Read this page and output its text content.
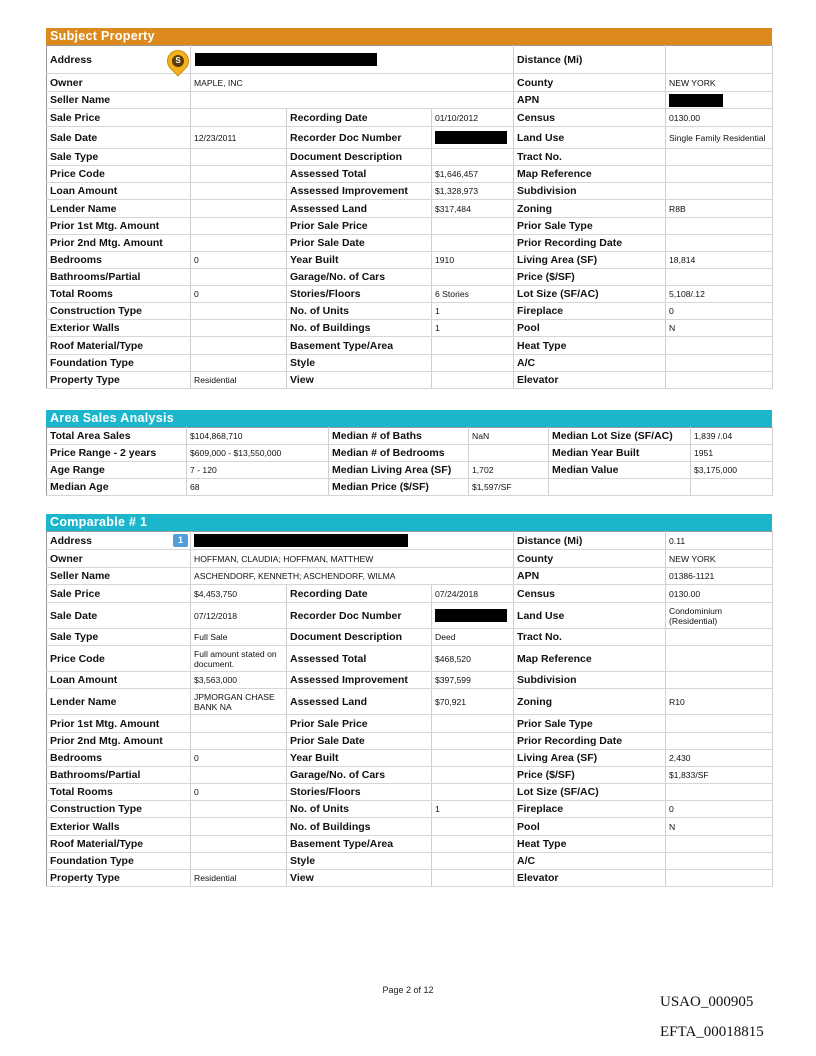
Subject Property
Address	S			Distance (Mi)	
Owner	MAPLE, INC			County	NEW YORK
Seller Name				APN	
Sale Price		Recording Date	01/10/2012	Census	0130.00
Sale Date	12/23/2011	Recorder Doc Number		Land Use	Single Family Residential
Sale Type		Document Description		Tract No.	
Price Code		Assessed Total	$1,646,457	Map Reference	
Loan Amount		Assessed Improvement	$1,328,973	Subdivision	
Lender Name		Assessed Land	$317,484	Zoning	R8B
Prior 1st Mtg. Amount		Prior Sale Price		Prior Sale Type	
Prior 2nd Mtg. Amount		Prior Sale Date		Prior Recording Date	
Bedrooms	0	Year Built	1910	Living Area (SF)	18,814
Bathrooms/Partial		Garage/No. of Cars		Price ($/SF)	
Total Rooms	0	Stories/Floors	6 Stories	Lot Size (SF/AC)	5,108/.12
Construction Type		No. of Units	1	Fireplace	0
Exterior Walls		No. of Buildings	1	Pool	N
Roof Material/Type		Basement Type/Area		Heat Type	
Foundation Type		Style		A/C	
Property Type	Residential	View		Elevator	
Area Sales Analysis
Total Area Sales	$104,868,710	Median # of Baths	NaN	Median Lot Size (SF/AC)	1,839 /.04
Price Range - 2 years	$609,000 - $13,550,000	Median # of Bedrooms		Median Year Built	1951
Age Range	7 - 120	Median Living Area (SF)	1,702	Median Value	$3,175,000
Median Age	68	Median Price ($/SF)	$1,597/SF		
Comparable # 1
Address	1			Distance (Mi)	0.11
Owner	HOFFMAN, CLAUDIA; HOFFMAN, MATTHEW			County	NEW YORK
Seller Name	ASCHENDORF, KENNETH; ASCHENDORF, WILMA			APN	01386-1121
Sale Price	$4,453,750	Recording Date	07/24/2018	Census	0130.00
Sale Date	07/12/2018	Recorder Doc Number		Land Use	Condominium (Residential)
Sale Type	Full Sale	Document Description	Deed	Tract No.	
Price Code	Full amount stated on document.	Assessed Total	$468,520	Map Reference	
Loan Amount	$3,563,000	Assessed Improvement	$397,599	Subdivision	
Lender Name	JPMORGAN CHASE BANK NA	Assessed Land	$70,921	Zoning	R10
Prior 1st Mtg. Amount		Prior Sale Price		Prior Sale Type	
Prior 2nd Mtg. Amount		Prior Sale Date		Prior Recording Date	
Bedrooms	0	Year Built		Living Area (SF)	2,430
Bathrooms/Partial		Garage/No. of Cars		Price ($/SF)	$1,833/SF
Total Rooms	0	Stories/Floors		Lot Size (SF/AC)	
Construction Type		No. of Units	1	Fireplace	0
Exterior Walls		No. of Buildings		Pool	N
Roof Material/Type		Basement Type/Area		Heat Type	
Foundation Type		Style		A/C	
Property Type	Residential	View		Elevator	
Page 2 of 12
USAO_000905
EFTA_00018815
